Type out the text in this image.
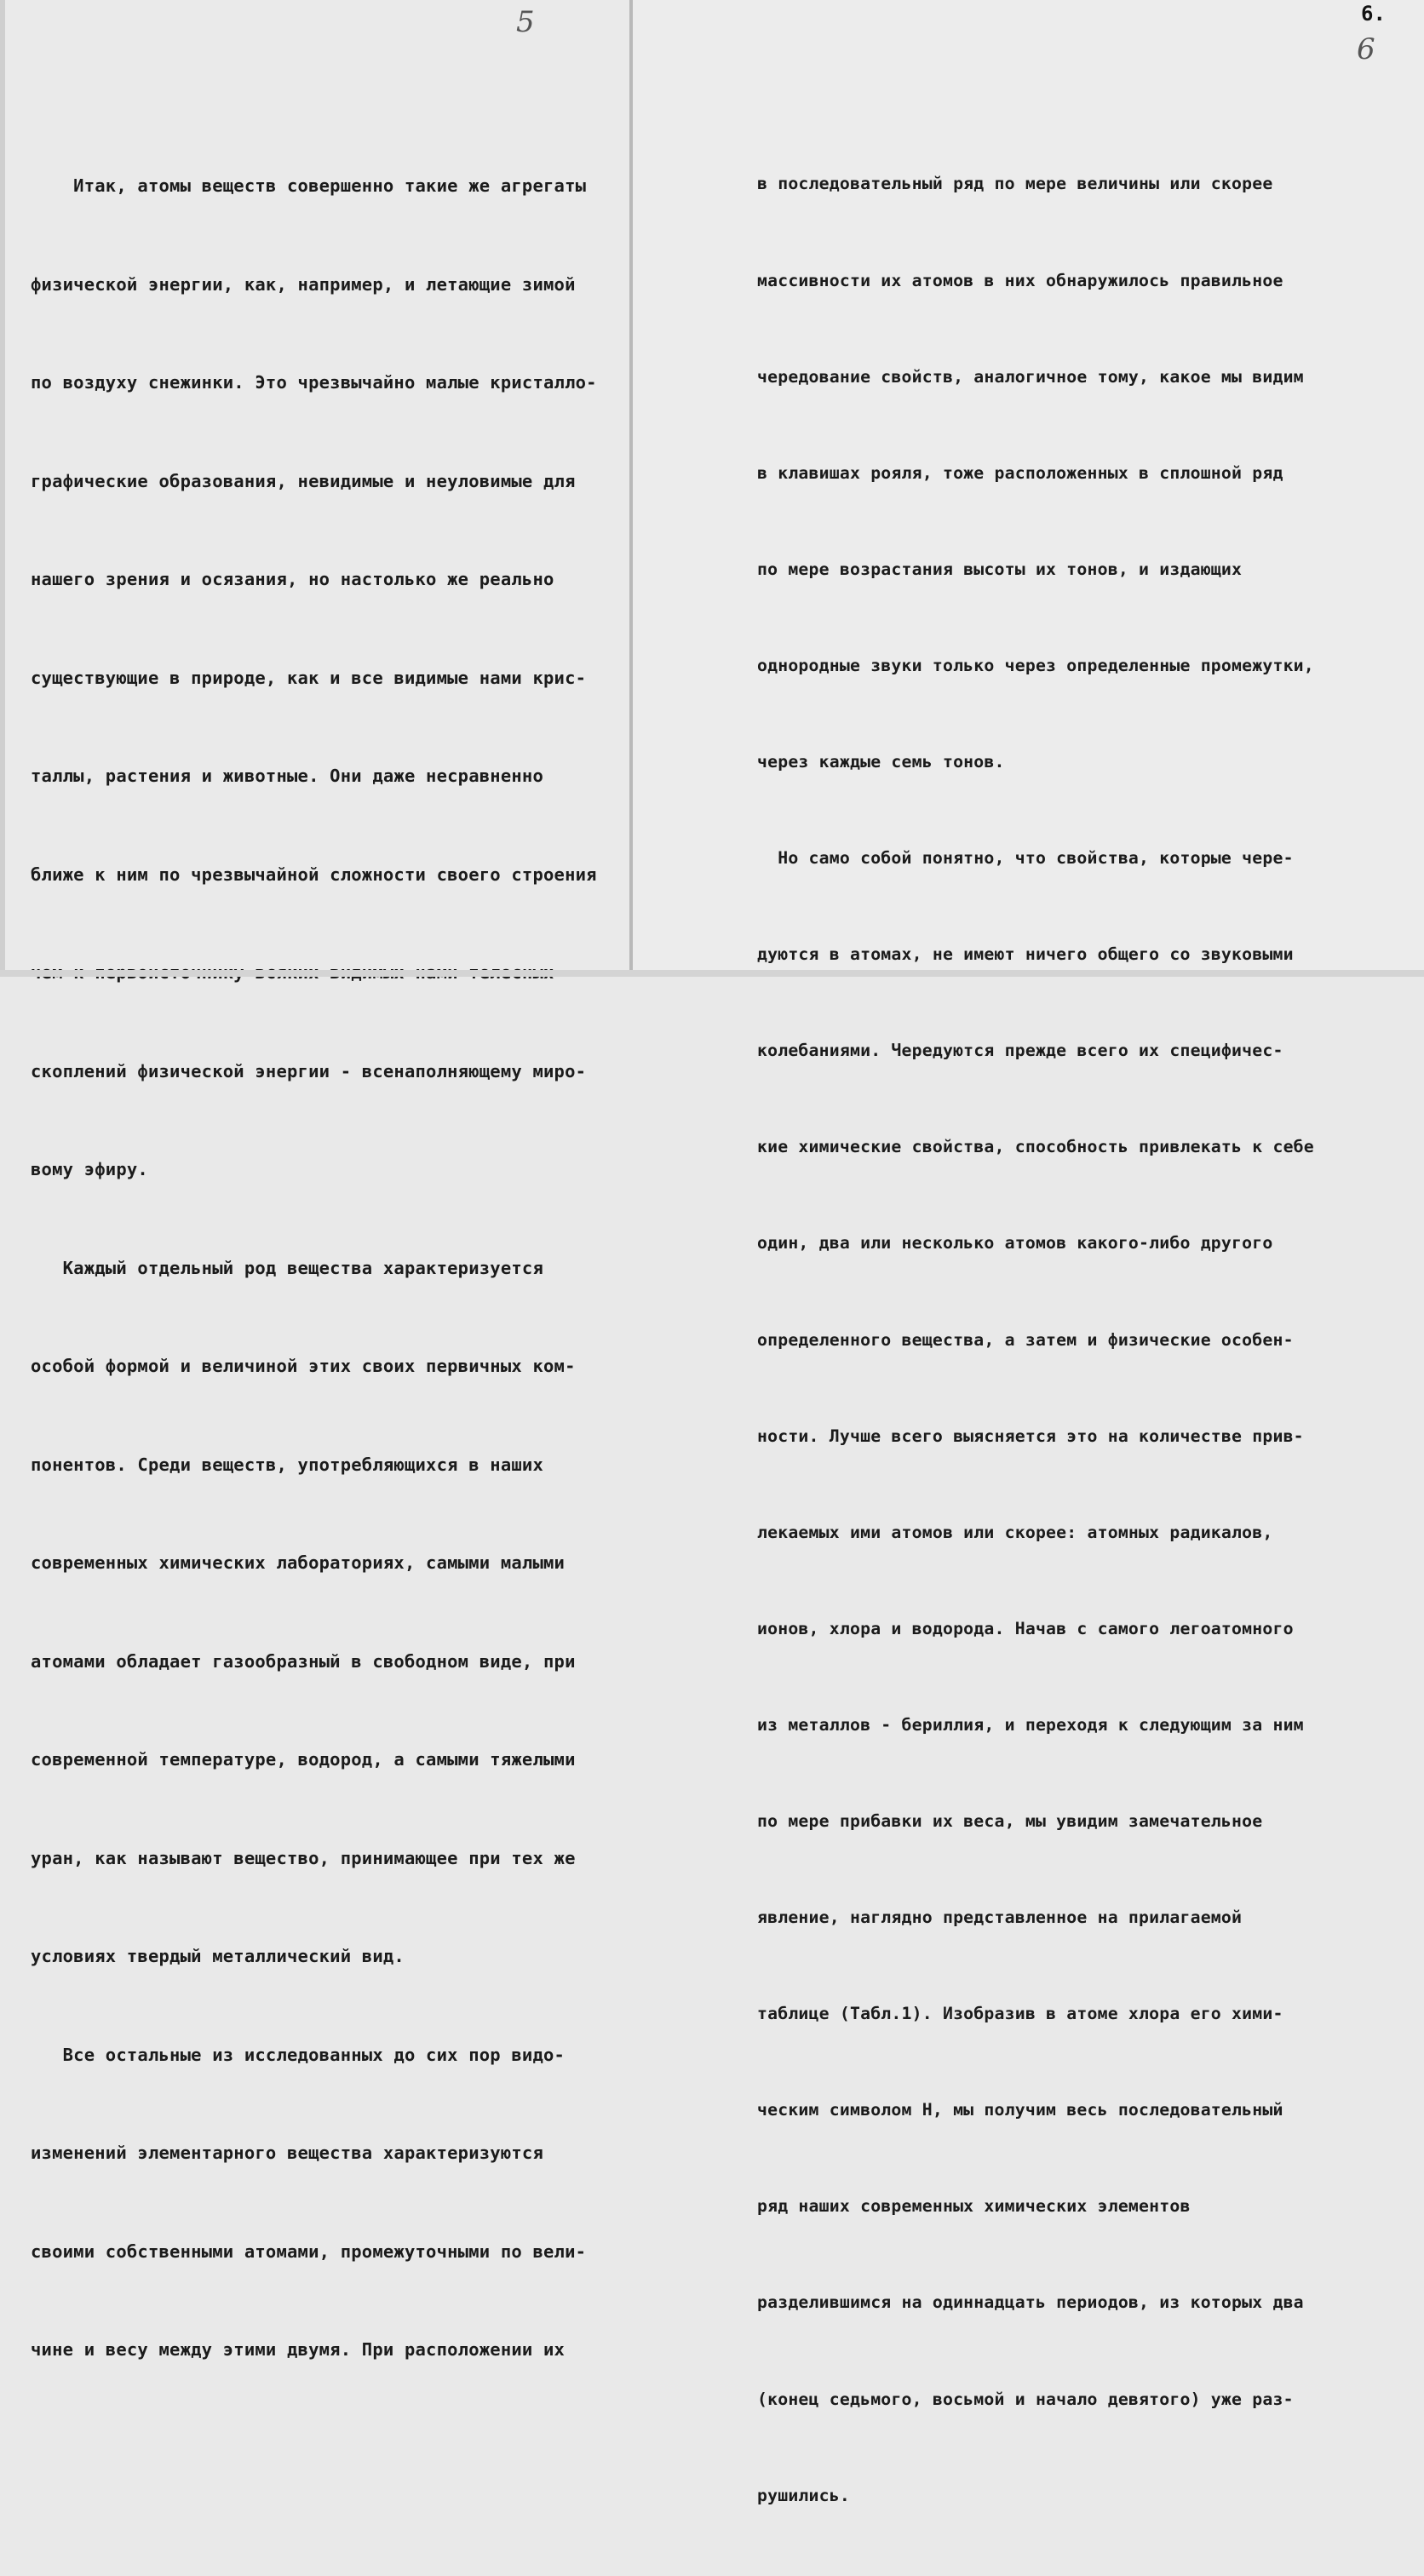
5

Итак, атомы веществ совершенно такие же агрегаты

физической энергии, как, например, и летающие зимой

по воздуху снежинки. Это чрезвычайно малые кристалло-

графические образования, невидимые и неуловимые для

нашего зрения и осязания, но настолько же реально

существующие в природе, как и все видимые нами крис-

таллы, растения и животные. Они даже несравненно

ближе к ним по чрезвычайной сложности своего строения

скоплений физической энергии - всенаполняющему миро-

вому эфиру.

Каждый отдельный род вещества характеризуется

особой формой и величиной этих своих первичных ком-

понентов. Среди веществ, употребляющихся в наших

современных химических лабораториях, самыми малыми

атомами обладает газообразный в свободном виде, при

современной температуре, водород, а самыми тяжелыми

уран, как называют вещество, принимающее при тех же

условиях твердый металлический вид.

Все остальные из исследованных до сих пор видо-

изменений элементарного вещества характеризуются

своими собственными атомами, промежуточными по вели-

чине и весу между этими двумя. При расположении их

6.
6

в последовательный ряд по мере величины или скорее

массивности их атомов в них обнаружилось правильное

чередование свойств, аналогичное тому, какое мы видим

в клавишах рояля, тоже расположенных в сплошной ряд

по мере возрастания высоты их тонов, и издающих

однородные звуки только через определенные промежутки,

через каждые семь тонов.

Но само собой понятно, что свойства, которые чере-

дуются в атомах, не имеют ничего общего со звуковыми

колебаниями. Чередуются прежде всего их специфичес-

кие химические свойства, способность привлекать к себе

один, два или несколько атомов какого-либо другого

определенного вещества, а затем и физические особен-

ности. Лучше всего выясняется это на количестве прив-

лекаемых ими атомов или скорее: атомных радикалов,

ионов, хлора и водорода. Начав с самого легоатомного

из металлов - бериллия, и переходя к следующим за ним

по мере прибавки их веса, мы увидим замечательное

явление, наглядно представленное на прилагаемой

таблице (Табл.1). Изобразив в атоме хлора его хими-

ческим символом H, мы получим весь последовательный

ряд наших современных химических элементов

разделившимся на одиннадцать периодов, из которых два

(конец седьмого, восьмой и начало девятого) уже раз-

рушились.
